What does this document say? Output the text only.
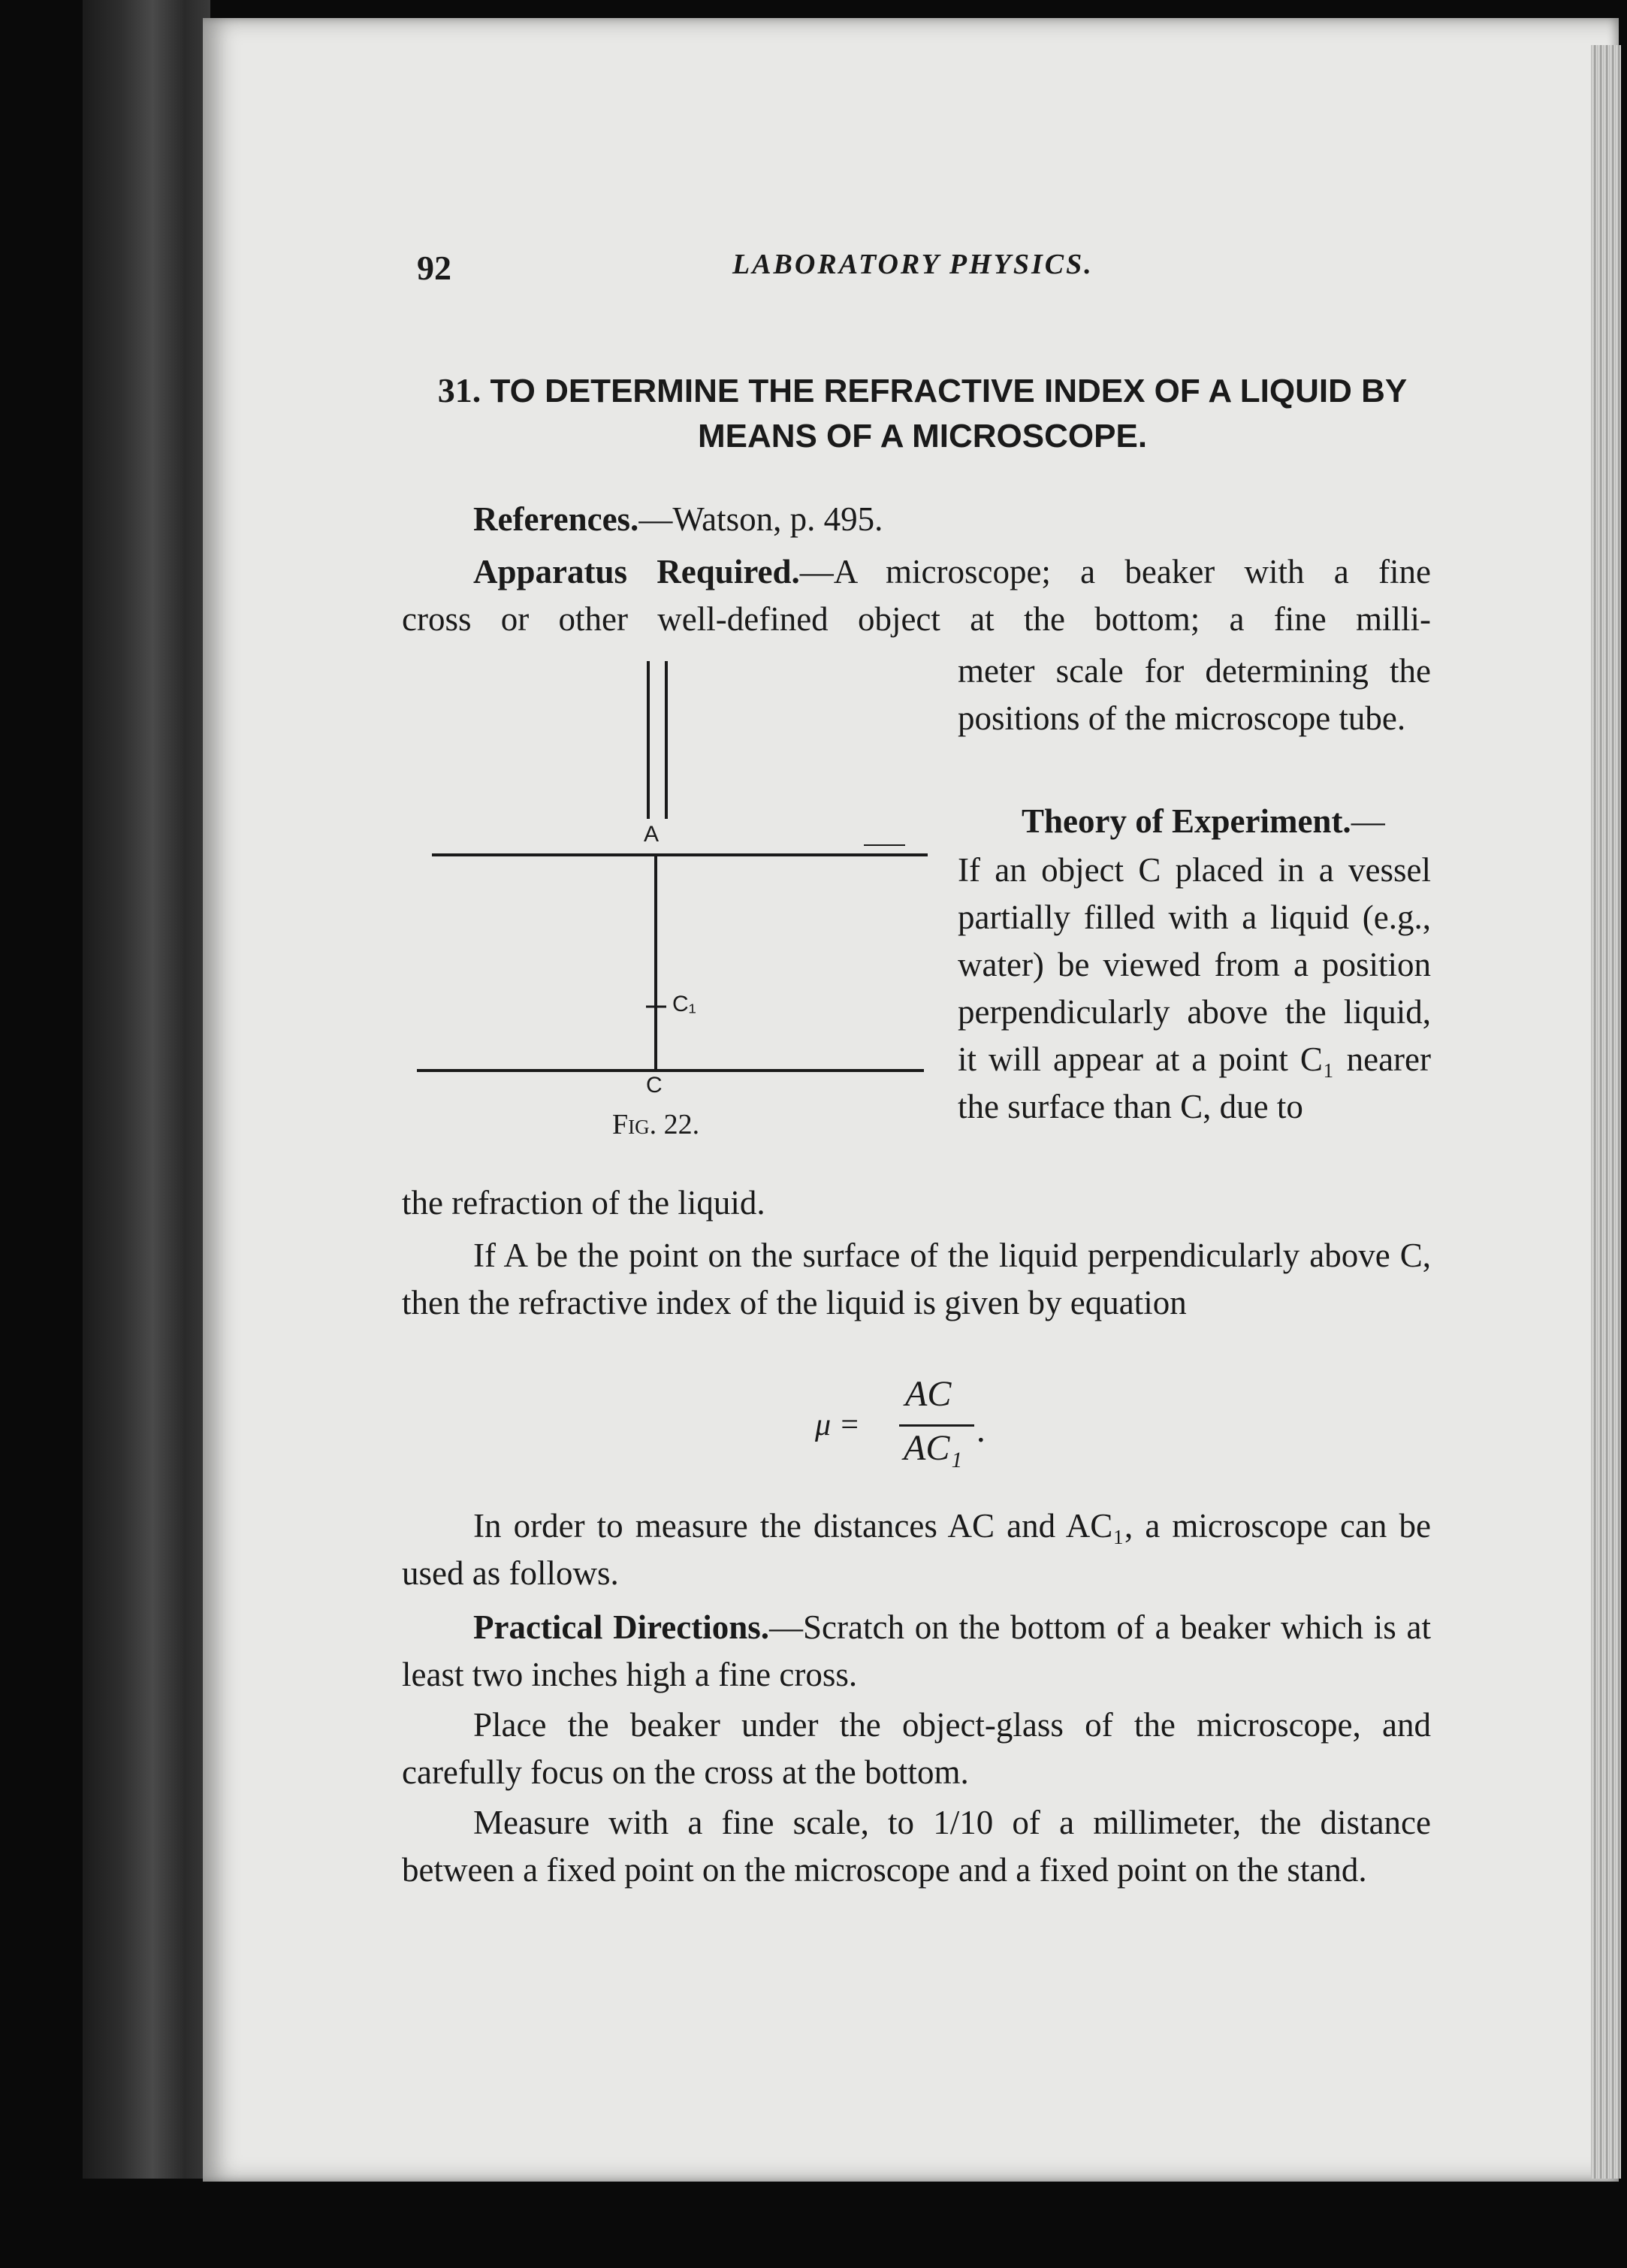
92	LABORATORY PHYSICS.
31. TO DETERMINE THE REFRACTIVE INDEX OF A LIQUID BY MEANS OF A MICROSCOPE.
References.—Watson, p. 495.
Apparatus Required.—A microscope; a beaker with a fine
cross or other well-defined object at the bottom; a fine milli-
meter scale for determining the positions of the microscope tube.
Theory of Experiment.—
If an object C placed in a vessel partially filled with a liquid (e.g., water) be viewed from a position perpendicularly above the liquid, it will appear at a point C₁ nearer the surface than C, due to
the refraction of the liquid.
A
C₁
C
Fig. 22.
If A be the point on the surface of the liquid perpendicularly above C, then the refractive index of the liquid is given by equation
μ =
AC
AC₁ .
In order to measure the distances AC and AC₁, a microscope can be used as follows.
Practical Directions.—Scratch on the bottom of a beaker which is at least two inches high a fine cross.
Place the beaker under the object-glass of the microscope, and carefully focus on the cross at the bottom.
Measure with a fine scale, to 1/10 of a millimeter, the distance between a fixed point on the microscope and a fixed point on the stand.
